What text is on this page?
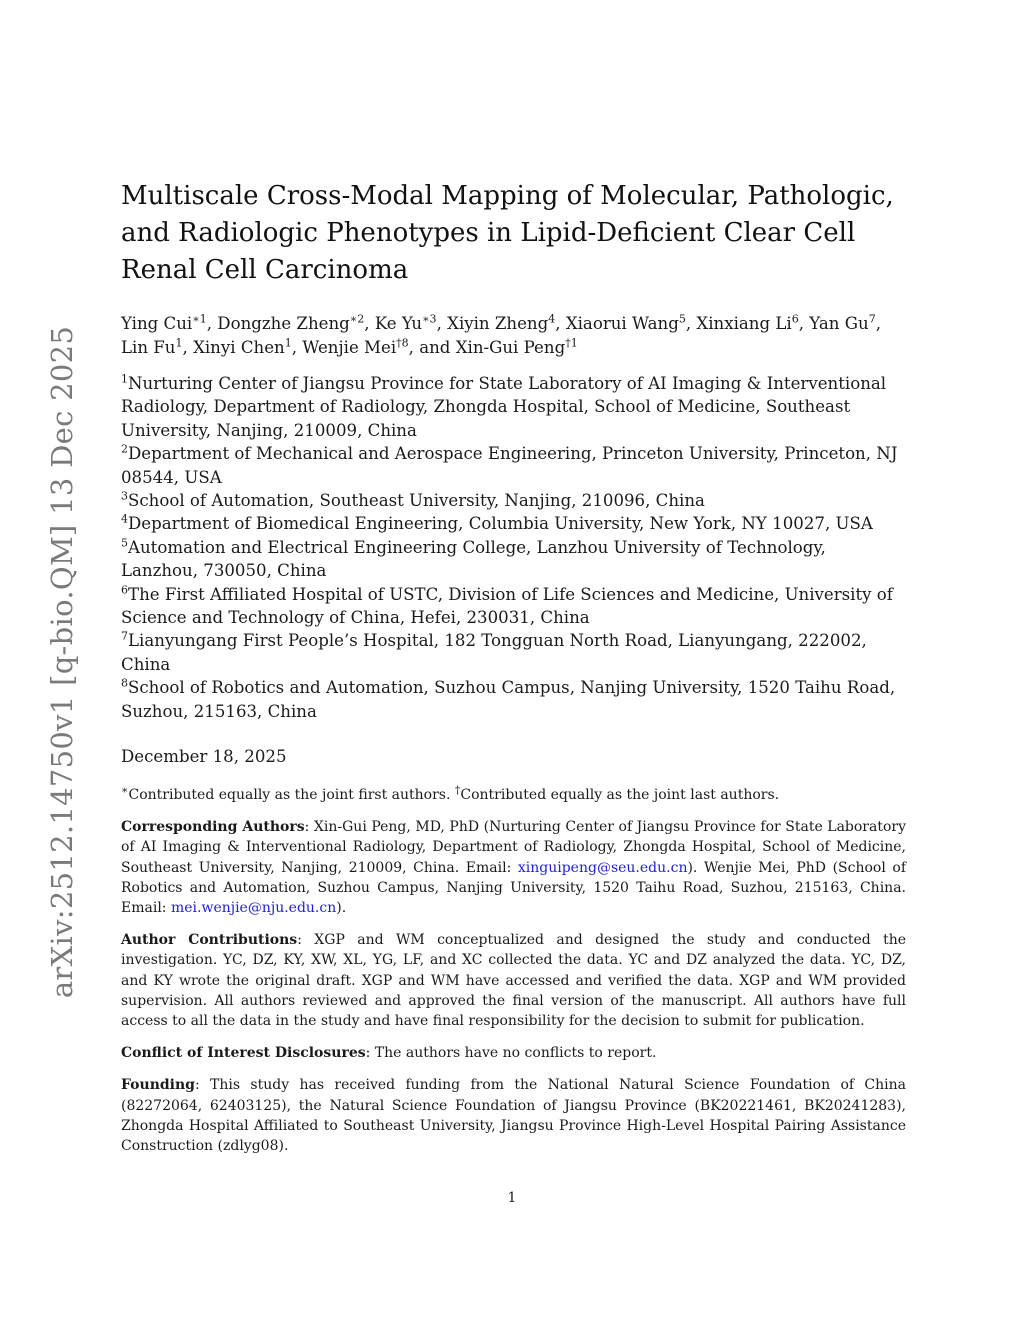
arXiv:2512.14750v1 [q-bio.QM] 13 Dec 2025
Multiscale Cross-Modal Mapping of Molecular, Pathologic, and Radiologic Phenotypes in Lipid-Deficient Clear Cell Renal Cell Carcinoma
Ying Cui$^{∗1}$, Dongzhe Zheng$^{∗2}$, Ke $Yu^{∗3}$, Xiyin Zheng$^4$, Xiaorui Wang$^5$, Xinxiang Li$^6$, Yan Gu$^7$, Lin Fu$^1$, Xinyi Chen$^1$, Wenjie Mei$^{\dagger 8}$, and Xin-Gui Peng$^{\dagger 1}$

$^1$Nurturing Center of Jiangsu Province for State Laboratory of AI Imaging & Interventional Radiology, Department of Radiology, Zhongda Hospital, School of Medicine, Southeast University, Nanjing, 210009, China

$^2$Department of Mechanical and Aerospace Engineering, Princeton University, Princeton, NJ 08544, USA

$^3$School of Automation, Southeast University, Nanjing, 210096, China

$^4$Department of Biomedical Engineering, Columbia University, New York, NY 10027, USA

$^5$Automation and Electrical Engineering College, Lanzhou University of Technology, Lanzhou, 730050, China

$^6$The First Affiliated Hospital of USTC, Division of Life Sciences and Medicine, University of Science and Technology of China, Hefei, 230031, China

$^7$Lianyungang First People’s Hospital, 182 Tongguan North Road, Lianyungang, 222002, China

$^8$School of Robotics and Automation, Suzhou Campus, Nanjing University, 1520 Taihu Road, Suzhou, 215163, China

December 18, 2025
∗Contributed equally as the joint first authors. †Contributed equally as the joint last authors.
Corresponding Authors: Xin-Gui Peng, MD, PhD (Nurturing Center of Jiangsu Province for State Laboratory of AI Imaging & Interventional Radiology, Department of Radiology, Zhongda Hospital, School of Medicine, Southeast University, Nanjing, 210009, China. Email: xinguipeng@seu.edu.cn). Wenjie Mei, PhD (School of Robotics and Automation, Suzhou Campus, Nanjing University, 1520 Taihu Road, Suzhou, 215163, China. Email: mei.wenjie@nju.edu.cn).
Author Contributions: XGP and WM conceptualized and designed the study and conducted the investigation. YC, DZ, KY, XW, XL, YG, LF, and XC collected the data. YC and DZ analyzed the data. YC, DZ, and KY wrote the original draft. XGP and WM have accessed and verified the data. XGP and WM provided supervision. All authors reviewed and approved the final version of the manuscript. All authors have full access to all the data in the study and have final responsibility for the decision to submit for publication.
Conflict of Interest Disclosures: The authors have no conflicts to report.
Founding: This study has received funding from the National Natural Science Foundation of China (82272064, 62403125), the Natural Science Foundation of Jiangsu Province (BK20221461, BK20241283), Zhongda Hospital Affiliated to Southeast University, Jiangsu Province High-Level Hospital Pairing Assistance Construction (zdlyg08).
1
